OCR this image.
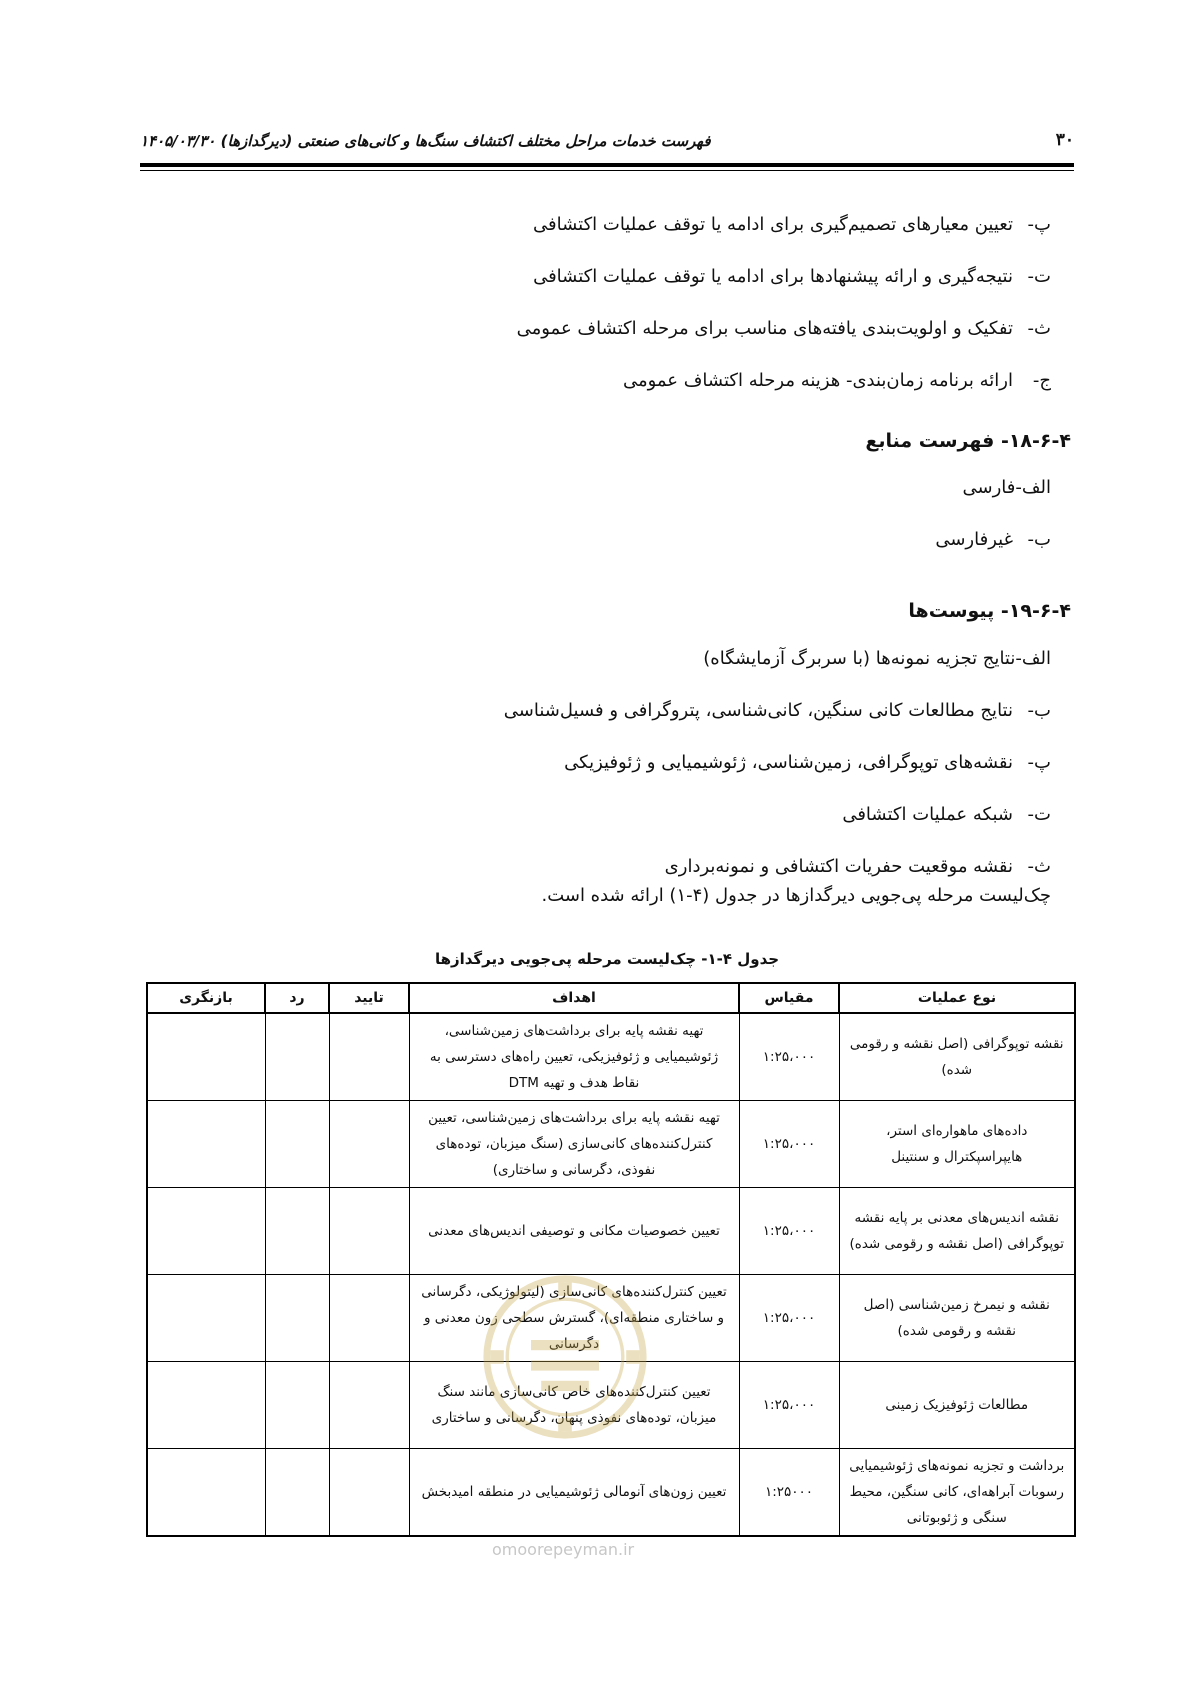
۳۰
فهرست خدمات مراحل مختلف اکتشاف سنگ‌ها و کانی‌های صنعتی (دیرگدازها) ۱۴۰۵/۰۳/۳۰
پ-
تعیین معیارهای تصمیم‌گیری برای ادامه یا توقف عملیات اکتشافی
ت-
نتیجه‌گیری و ارائه پیشنهادها برای ادامه یا توقف عملیات اکتشافی
ث-
تفکیک و اولویت‌بندی یافته‌های مناسب برای مرحله اکتشاف عمومی
ج-
ارائه برنامه زمان‌بندی- هزینه مرحله اکتشاف عمومی
۱۸-۶-۴- فهرست منابع
الف-
فارسی
ب-
غیرفارسی
۱۹-۶-۴- پیوست‌ها
الف-
نتایج تجزیه نمونه‌ها (با سربرگ آزمایشگاه)
ب-
نتایج مطالعات کانی سنگین، کانی‌شناسی، پتروگرافی و فسیل‌شناسی
پ-
نقشه‌های توپوگرافی، زمین‌شناسی، ژئوشیمیایی و ژئوفیزیکی
ت-
شبکه عملیات اکتشافی
ث-
نقشه موقعیت حفریات اکتشافی و نمونه‌برداری
چک‌لیست مرحله پی‌جویی دیرگدازها در جدول (۴-۱) ارائه شده است.
جدول ۴-۱- چک‌لیست مرحله پی‌جویی دیرگدازها
نوع عملیات	مقیاس	اهداف	تایید	رد	بازنگری
نقشه توپوگرافی (اصل نقشه و رقومی شده)	۱:۲۵،۰۰۰	تهیه نقشه پایه برای برداشت‌های زمین‌شناسی، ژئوشیمیایی و ژئوفیزیکی، تعیین راه‌های دسترسی به نقاط هدف و تهیه DTM			
داده‌های ماهواره‌ای استر، هایپراسپکترال و سنتینل	۱:۲۵،۰۰۰	تهیه نقشه پایه برای برداشت‌های زمین‌شناسی، تعیین کنترل‌کننده‌های کانی‌سازی (سنگ میزبان، توده‌های نفوذی، دگرسانی و ساختاری)			
نقشه اندیس‌های معدنی بر پایه نقشه توپوگرافی (اصل نقشه و رقومی شده)	۱:۲۵،۰۰۰	تعیین خصوصیات مکانی و توصیفی اندیس‌های معدنی			
نقشه و نیمرخ زمین‌شناسی (اصل نقشه و رقومی شده)	۱:۲۵،۰۰۰	تعیین کنترل‌کننده‌های کانی‌سازی (لیتولوژیکی، دگرسانی و ساختاری منطقه‌ای)، گسترش سطحی زون معدنی و دگرسانی			
مطالعات ژئوفیزیک زمینی	۱:۲۵،۰۰۰	تعیین کنترل‌کننده‌های خاص کانی‌سازی مانند سنگ میزبان، توده‌های نفوذی پنهان، دگرسانی و ساختاری			
برداشت و تجزیه نمونه‌های ژئوشیمیایی رسوبات آبراهه‌ای، کانی سنگین، محیط سنگی و ژئوبوتانی	۱:۲۵۰۰۰	تعیین زون‌های آنومالی ژئوشیمیایی در منطقه امیدبخش			
omoorepeyman.ir
